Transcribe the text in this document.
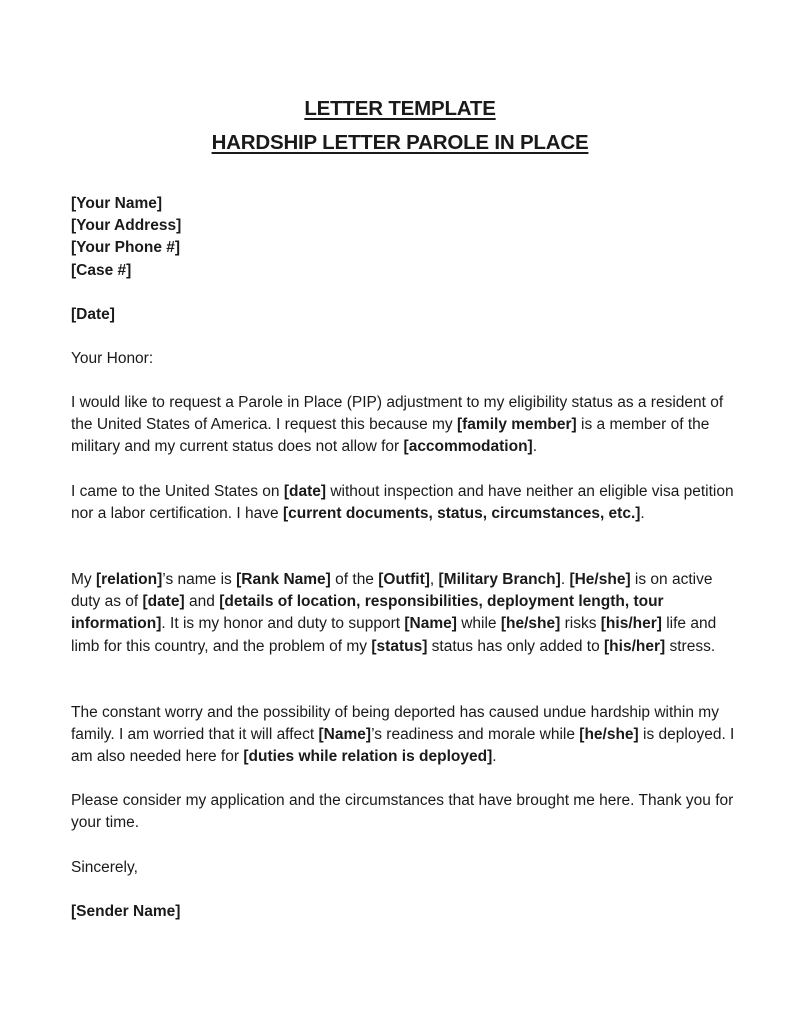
LETTER TEMPLATE
HARDSHIP LETTER PAROLE IN PLACE
[Your Name]
[Your Address]
[Your Phone #]
[Case #]
[Date]
Your Honor:
I would like to request a Parole in Place (PIP) adjustment to my eligibility status as a resident of the United States of America. I request this because my [family member] is a member of the military and my current status does not allow for [accommodation].
I came to the United States on [date] without inspection and have neither an eligible visa petition nor a labor certification. I have [current documents, status, circumstances, etc.].
My [relation]’s name is [Rank Name] of the [Outfit], [Military Branch]. [He/she] is on active duty as of [date] and [details of location, responsibilities, deployment length, tour information]. It is my honor and duty to support [Name] while [he/she] risks [his/her] life and limb for this country, and the problem of my [status] status has only added to [his/her] stress.
The constant worry and the possibility of being deported has caused undue hardship within my family. I am worried that it will affect [Name]’s readiness and morale while [he/she] is deployed. I am also needed here for [duties while relation is deployed].
Please consider my application and the circumstances that have brought me here. Thank you for your time.
Sincerely,
[Sender Name]
